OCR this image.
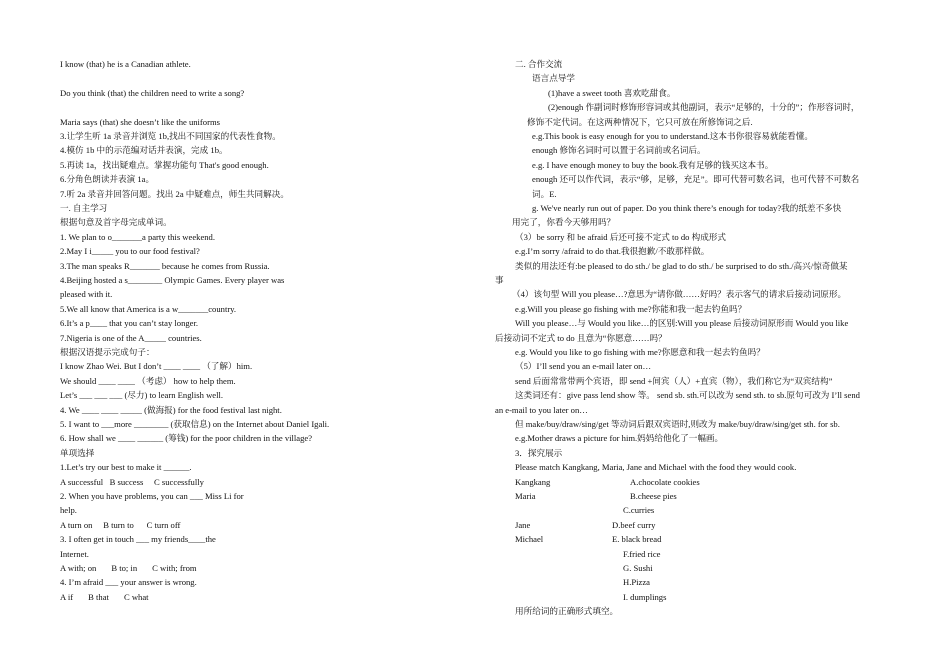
I know (that) he is a Canadian athlete.
Do you think (that) the children need to write a song?
Maria says (that) she doesn’t like the uniforms
3.让学生听 1a 录音并浏览 1b,找出不同国家的代表性食物。
4.模仿 1b 中的示范编对话并表演，完成 1b。
5.再读 1a，找出疑难点。掌握功能句 That's good enough.
6.分角色朗读并表演 1a。
7.听 2a 录音并回答问题。找出 2a 中疑难点，师生共同解决。
一. 自主学习
根据句意及首字母完成单词。
1. We plan to o_______a party this weekend.
2.May I i_____ you to our food festival?
3.The man speaks R_______ because he comes from Russia.
4.Beijing hosted a s________ Olympic Games. Every player was
pleased with it.
5.We all know that America is a w_______country.
6.It’s a p____ that you can’t stay longer.
7.Nigeria is one of the A_____ countries.
根据汉语提示完成句子：
I know Zhao Wei. But I don’t ____ ____ （了解）him.
We should ____ ____ （考虑） how to help them.
Let’s ___ ___ ___ (尽力) to learn English well.
4. We ____ ____ _____ (做海报) for the food festival last night.
5. I want to ___more ________ (获取信息) on the Internet about Daniel Igali.
6. How shall we ____ ______ (筹钱) for the poor children in the village?
单项选择
1.Let’s try our best to make it ______.
A successful   B success     C successfully
2. When you have problems, you can ___ Miss Li for
help.
A turn on     B turn to      C turn off
3. I often get in touch ___ my friends____the
Internet.
A with; on       B to; in       C with; from
4. I’m afraid ___ your answer is wrong.
A if       B that       C what
二. 合作交流
语言点导学
(1)have a sweet tooth 喜欢吃甜食。
(2)enough 作副词时修饰形容词或其他副词，表示“足够的，十分的”；作形容词时，
修饰不定代词。在这两种情况下，它只可放在所修饰词之后.
e.g.This book is easy enough for you to understand.这本书你很容易就能看懂。
enough 修饰名词时可以置于名词前或名词后。
e.g. I have enough money to buy the book.我有足够的钱买这本书。
enough 还可以作代词，表示“够，足够，充足”。即可代替可数名词，也可代替不可数名
词。E.
g. We've nearly run out of paper. Do you think there’s enough for today?我的纸差不多快
用完了，你看今天够用吗？
（3）be sorry 和 be afraid 后还可接不定式 to do 构成形式
e.g.I’m sorry /afraid to do that.我很抱歉/不敢那样做。
类似的用法还有:be pleased to do sth./ be glad to do sth./ be surprised to do sth./高兴/惊奇做某
事
（4）该句型 Will you please…?意思为“请你做……好吗？表示客气的请求后接动词原形。
e.g.Will you please go fishing with me?你能和我一起去钓鱼吗？
Will you please…与 Would you like…的区别:Will you please 后接动词原形而 Would you like
后接动词不定式 to do 且意为“你愿意……吗？
e.g. Would you like to go fishing with me?你愿意和我一起去钓鱼吗？
（5）I’ll send you an e-mail later on…
send 后面常常带两个宾语，即 send +间宾（人）+直宾（物），我们称它为“双宾结构”
这类词还有：give pass lend show 等。 send sb. sth.可以改为 send sth. to sb.原句可改为 I’ll send
an e-mail to you later on…
但 make/buy/draw/sing/get 等动词后跟双宾语时,则改为 make/buy/draw/sing/get sth. for sb.
e.g.Mother draws a picture for him.妈妈给他化了一幅画。
3．探究展示
Please match Kangkang, Maria, Jane and Michael with the food they would cook.
Kangkang
Maria
Jane
Michael
A.chocolate cookies
B.cheese pies
C.curries
D.beef curry
E. black bread
F.fried rice
G. Sushi
H.Pizza
I. dumplings
用所给词的正确形式填空。
